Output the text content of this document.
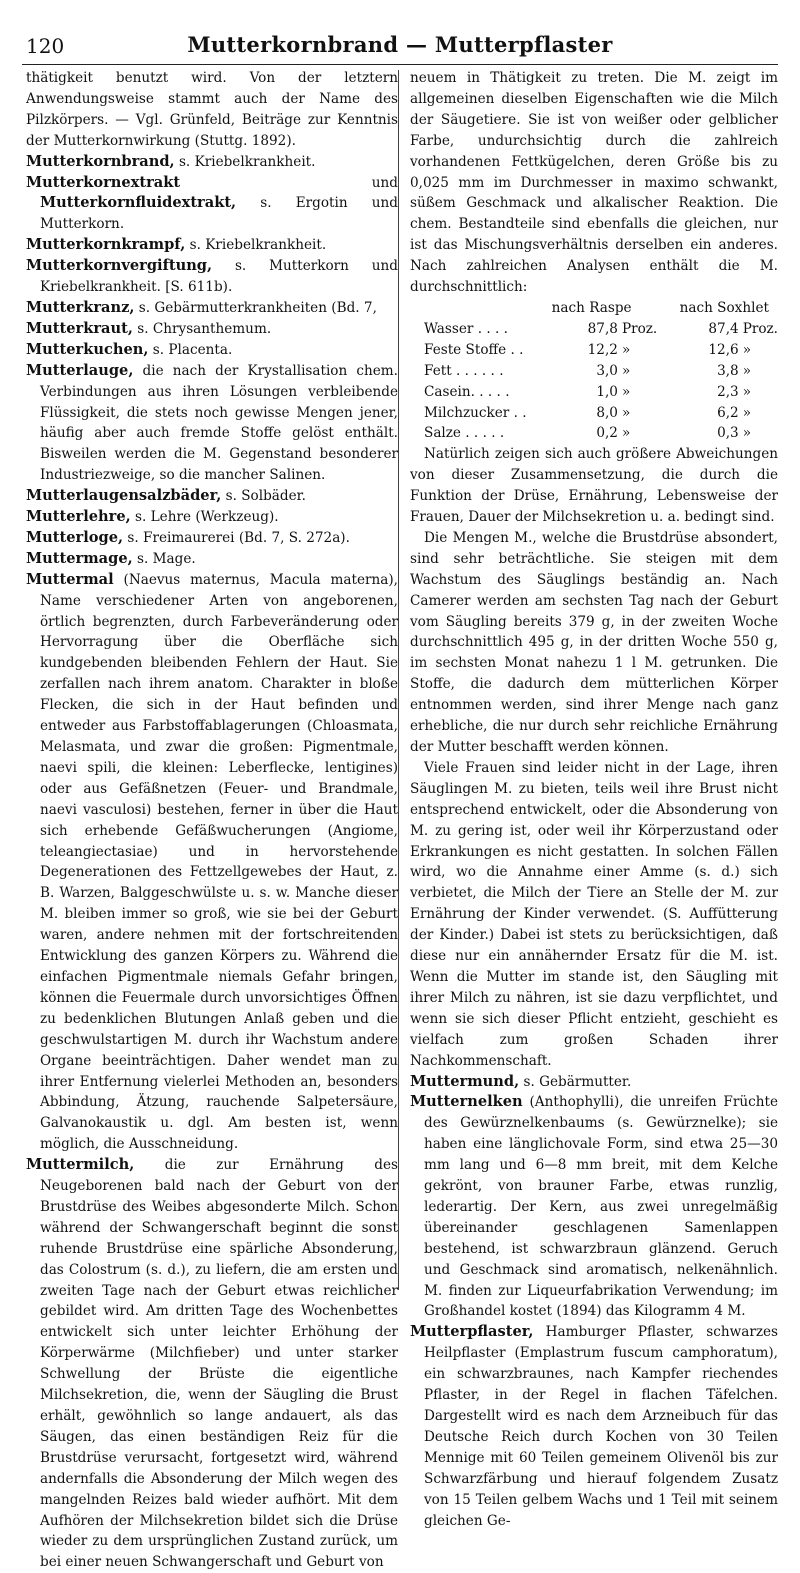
120	Mutterkornbrand — Mutterpflaster

thätigkeit benutzt wird. Von der letztern Anwendungsweise stammt auch der Name des Pilzkörpers. — Vgl. Grünfeld, Beiträge zur Kenntnis der Mutterkornwirkung (Stuttg. 1892).

Mutterkornbrand, s. Kriebelkrankheit.

Mutterkornextrakt und Mutterkornfluidextrakt, s. Ergotin und Mutterkorn.

Mutterkornkrampf, s. Kriebelkrankheit.

Mutterkornvergiftung, s. Mutterkorn und Kriebelkrankheit. [S. 611b).

Mutterkranz, s. Gebärmutterkrankheiten (Bd. 7,

Mutterkraut, s. Chrysanthemum.

Mutterkuchen, s. Placenta.

Mutterlauge, die nach der Krystallisation chem. Verbindungen aus ihren Lösungen verbleibende Flüssigkeit, die stets noch gewisse Mengen jener, häufig aber auch fremde Stoffe gelöst enthält. Bisweilen werden die M. Gegenstand besonderer Industriezweige, so die mancher Salinen.

Mutterlaugensalzbäder, s. Solbäder.

Mutterlehre, s. Lehre (Werkzeug).

Mutterloge, s. Freimaurerei (Bd. 7, S. 272a).

Muttermage, s. Mage.

Muttermal (Naevus maternus, Macula materna), Name verschiedener Arten von angeborenen, örtlich begrenzten, durch Farbeveränderung oder Hervorragung über die Oberfläche sich kundgebenden bleibenden Fehlern der Haut. Sie zerfallen nach ihrem anatom. Charakter in bloße Flecken, die sich in der Haut befinden und entweder aus Farbstoffablagerungen (Chloasmata, Melasmata, und zwar die großen: Pigmentmale, naevi spili, die kleinen: Leberflecke, lentigines) oder aus Gefäßnetzen (Feuer- und Brandmale, naevi vasculosi) bestehen, ferner in über die Haut sich erhebende Gefäßwucherungen (Angiome, teleangiectasiae) und in hervorstehende Degenerationen des Fettzellgewebes der Haut, z. B. Warzen, Balggeschwülste u. s. w. Manche dieser M. bleiben immer so groß, wie sie bei der Geburt waren, andere nehmen mit der fortschreitenden Entwicklung des ganzen Körpers zu. Während die einfachen Pigmentmale niemals Gefahr bringen, können die Feuermale durch unvorsichtiges Öffnen zu bedenklichen Blutungen Anlaß geben und die geschwulstartigen M. durch ihr Wachstum andere Organe beeinträchtigen. Daher wendet man zu ihrer Entfernung vielerlei Methoden an, besonders Abbindung, Ätzung, rauchende Salpetersäure, Galvanokaustik u. dgl. Am besten ist, wenn möglich, die Ausschneidung.

Muttermilch, die zur Ernährung des Neugeborenen bald nach der Geburt von der Brustdrüse des Weibes abgesonderte Milch. Schon während der Schwangerschaft beginnt die sonst ruhende Brustdrüse eine spärliche Absonderung, das Colostrum (s. d.), zu liefern, die am ersten und zweiten Tage nach der Geburt etwas reichlicher gebildet wird. Am dritten Tage des Wochenbettes entwickelt sich unter leichter Erhöhung der Körperwärme (Milchfieber) und unter starker Schwellung der Brüste die eigentliche Milchsekretion, die, wenn der Säugling die Brust erhält, gewöhnlich so lange andauert, als das Säugen, das einen beständigen Reiz für die Brustdrüse verursacht, fortgesetzt wird, während andernfalls die Absonderung der Milch wegen des mangelnden Reizes bald wieder aufhört. Mit dem Aufhören der Milchsekretion bildet sich die Drüse wieder zu dem ursprünglichen Zustand zurück, um bei einer neuen Schwangerschaft und Geburt von

neuem in Thätigkeit zu treten. Die M. zeigt im allgemeinen dieselben Eigenschaften wie die Milch der Säugetiere. Sie ist von weißer oder gelblicher Farbe, undurchsichtig durch die zahlreich vorhandenen Fettkügelchen, deren Größe bis zu 0,025 mm im Durchmesser in maximo schwankt, süßem Geschmack und alkalischer Reaktion. Die chem. Bestandteile sind ebenfalls die gleichen, nur ist das Mischungsverhältnis derselben ein anderes. Nach zahlreichen Analysen enthält die M. durchschnittlich:

	nach Raspe		nach Soxhlet	
Wasser . . . .	87,8	Proz.	87,4	Proz.
Feste Stoffe . .	12,2	»	12,6	»
Fett . . . . . .	3,0	»	3,8	»
Casein. . . . .	1,0	»	2,3	»
Milchzucker . .	8,0	»	6,2	»
Salze . . . . .	0,2	»	0,3	»

Natürlich zeigen sich auch größere Abweichungen von dieser Zusammensetzung, die durch die Funktion der Drüse, Ernährung, Lebensweise der Frauen, Dauer der Milchsekretion u. a. bedingt sind.

Die Mengen M., welche die Brustdrüse absondert, sind sehr beträchtliche. Sie steigen mit dem Wachstum des Säuglings beständig an. Nach Camerer werden am sechsten Tag nach der Geburt vom Säugling bereits 379 g, in der zweiten Woche durchschnittlich 495 g, in der dritten Woche 550 g, im sechsten Monat nahezu 1 l M. getrunken. Die Stoffe, die dadurch dem mütterlichen Körper entnommen werden, sind ihrer Menge nach ganz erhebliche, die nur durch sehr reichliche Ernährung der Mutter beschafft werden können.

Viele Frauen sind leider nicht in der Lage, ihren Säuglingen M. zu bieten, teils weil ihre Brust nicht entsprechend entwickelt, oder die Absonderung von M. zu gering ist, oder weil ihr Körperzustand oder Erkrankungen es nicht gestatten. In solchen Fällen wird, wo die Annahme einer Amme (s. d.) sich verbietet, die Milch der Tiere an Stelle der M. zur Ernährung der Kinder verwendet. (S. Auffütterung der Kinder.) Dabei ist stets zu berücksichtigen, daß diese nur ein annähernder Ersatz für die M. ist. Wenn die Mutter im stande ist, den Säugling mit ihrer Milch zu nähren, ist sie dazu verpflichtet, und wenn sie sich dieser Pflicht entzieht, geschieht es vielfach zum großen Schaden ihrer Nachkommenschaft.

Muttermund, s. Gebärmutter.

Mutternelken (Anthophylli), die unreifen Früchte des Gewürznelkenbaums (s. Gewürznelke); sie haben eine länglichovale Form, sind etwa 25—30 mm lang und 6—8 mm breit, mit dem Kelche gekrönt, von brauner Farbe, etwas runzlig, lederartig. Der Kern, aus zwei unregelmäßig übereinander geschlagenen Samenlappen bestehend, ist schwarzbraun glänzend. Geruch und Geschmack sind aromatisch, nelkenähnlich. M. finden zur Liqueurfabrikation Verwendung; im Großhandel kostet (1894) das Kilogramm 4 M.

Mutterpflaster, Hamburger Pflaster, schwarzes Heilpflaster (Emplastrum fuscum camphoratum), ein schwarzbraunes, nach Kampfer riechendes Pflaster, in der Regel in flachen Täfelchen. Dargestellt wird es nach dem Arzneibuch für das Deutsche Reich durch Kochen von 30 Teilen Mennige mit 60 Teilen gemeinem Olivenöl bis zur Schwarzfärbung und hierauf folgendem Zusatz von 15 Teilen gelbem Wachs und 1 Teil mit seinem gleichen Ge-
